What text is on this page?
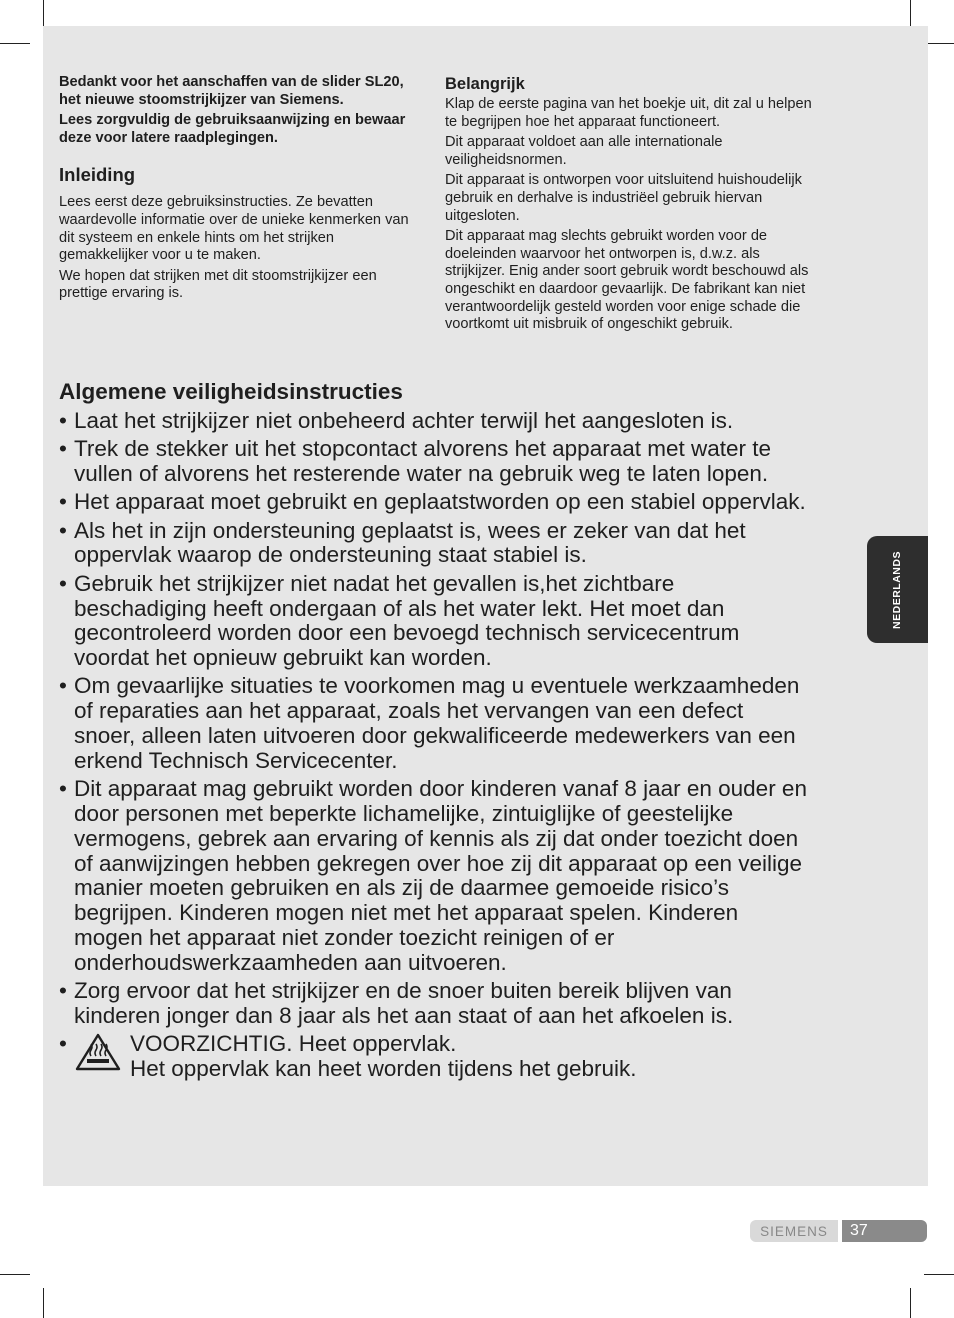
Bedankt voor het aanschaffen van de slider SL20, het nieuwe stoomstrijkijzer van Siemens.

Lees zorgvuldig de gebruiksaanwijzing en bewaar deze voor latere raadplegingen.

Inleiding

Lees eerst deze gebruiksinstructies. Ze bevatten waardevolle informatie over de unieke kenmerken van dit systeem en enkele hints om het strijken gemakkelijker voor u te maken.

We hopen dat strijken met dit stoomstrijkijzer een prettige ervaring is.

Belangrijk

Klap de eerste pagina van het boekje uit, dit zal u helpen te begrijpen hoe het apparaat functioneert.

Dit apparaat voldoet aan alle internationale veiligheidsnormen.

Dit apparaat is ontworpen voor uitsluitend huishoudelijk gebruik en derhalve is industriëel gebruik hiervan uitgesloten.

Dit apparaat mag slechts gebruikt worden voor de doeleinden waarvoor het ontworpen is, d.w.z. als strijkijzer. Enig ander soort gebruik wordt beschouwd als ongeschikt en daardoor gevaarlijk. De fabrikant kan niet verantwoordelijk gesteld worden voor enige schade die voortkomt uit misbruik of ongeschikt gebruik.

Algemene veiligheidsinstructies
• Laat het strijkijzer niet onbeheerd achter terwijl het aangesloten is.
• Trek de stekker uit het stopcontact alvorens het apparaat met water te vullen of alvorens het resterende water na gebruik weg te laten lopen.
• Het apparaat moet gebruikt en geplaatstworden op een stabiel oppervlak.
• Als het in zijn ondersteuning geplaatst is, wees er zeker van dat het oppervlak waarop de ondersteuning staat stabiel is.
• Gebruik het strijkijzer niet nadat het gevallen is,het zichtbare beschadiging heeft ondergaan of als het water lekt. Het moet dan gecontroleerd worden door een bevoegd technisch servicecentrum voordat het opnieuw gebruikt kan worden.
• Om gevaarlijke situaties te voorkomen mag u eventuele werkzaamheden of reparaties aan het apparaat, zoals het vervangen van een defect snoer, alleen laten uitvoeren door gekwalificeerde medewerkers van een erkend Technisch Servicecenter.
• Dit apparaat mag gebruikt worden door kinderen vanaf 8 jaar en ouder en door personen met beperkte lichamelijke, zintuiglijke of geestelijke vermogens, gebrek aan ervaring of kennis als zij dat onder toezicht doen of aanwijzingen hebben gekregen over hoe zij dit apparaat op een veilige manier moeten gebruiken en als zij de daarmee gemoeide risico’s begrijpen. Kinderen mogen niet met het apparaat spelen. Kinderen mogen het apparaat niet zonder toezicht reinigen of er onderhoudswerkzaamheden aan uitvoeren.
• Zorg ervoor dat het strijkijzer en de snoer buiten bereik blijven van kinderen jonger dan 8 jaar als het aan staat of aan het afkoelen is.
• VOORZICHTIG. Heet oppervlak.
Het oppervlak kan heet worden tijdens het gebruik.
NEDERLANDS
SIEMENS	37
